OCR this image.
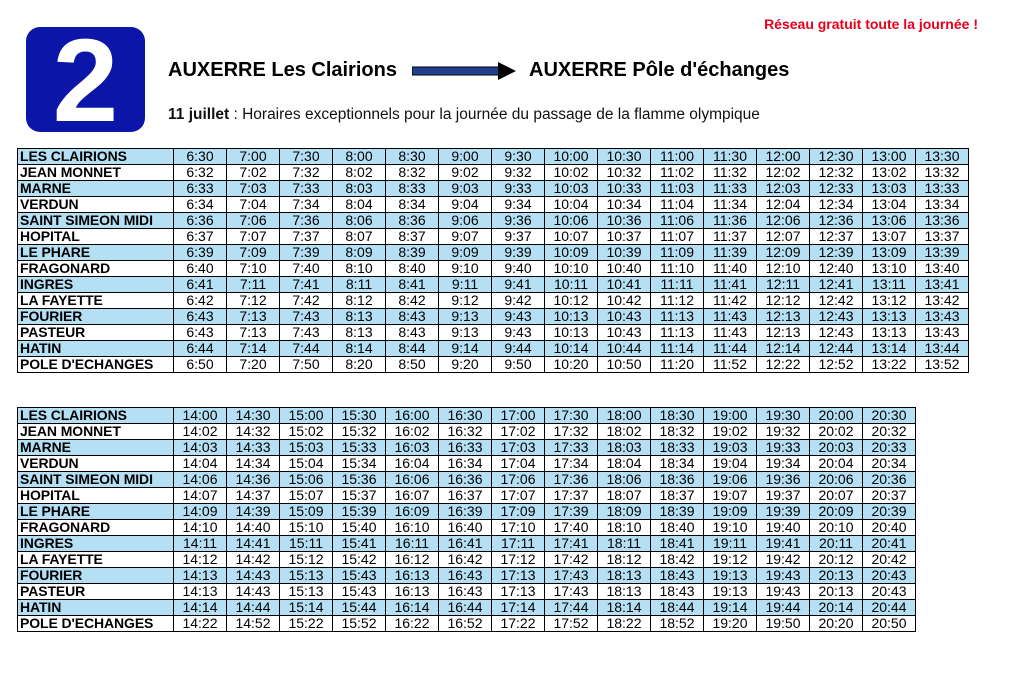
Réseau gratuit toute la journée !
2 AUXERRE Les Clairions	AUXERRE Pôle d'échanges
11 juillet : Horaires exceptionnels pour la journée du passage de la flamme olympique
LES CLAIRIONS	6:30	7:00	7:30	8:00	8:30	9:00	9:30	10:00	10:30	11:00	11:30	12:00	12:30	13:00	13:30
JEAN MONNET	6:32	7:02	7:32	8:02	8:32	9:02	9:32	10:02	10:32	11:02	11:32	12:02	12:32	13:02	13:32
MARNE	6:33	7:03	7:33	8:03	8:33	9:03	9:33	10:03	10:33	11:03	11:33	12:03	12:33	13:03	13:33
VERDUN	6:34	7:04	7:34	8:04	8:34	9:04	9:34	10:04	10:34	11:04	11:34	12:04	12:34	13:04	13:34
SAINT SIMEON MIDI	6:36	7:06	7:36	8:06	8:36	9:06	9:36	10:06	10:36	11:06	11:36	12:06	12:36	13:06	13:36
HOPITAL	6:37	7:07	7:37	8:07	8:37	9:07	9:37	10:07	10:37	11:07	11:37	12:07	12:37	13:07	13:37
LE PHARE	6:39	7:09	7:39	8:09	8:39	9:09	9:39	10:09	10:39	11:09	11:39	12:09	12:39	13:09	13:39
FRAGONARD	6:40	7:10	7:40	8:10	8:40	9:10	9:40	10:10	10:40	11:10	11:40	12:10	12:40	13:10	13:40
INGRES	6:41	7:11	7:41	8:11	8:41	9:11	9:41	10:11	10:41	11:11	11:41	12:11	12:41	13:11	13:41
LA FAYETTE	6:42	7:12	7:42	8:12	8:42	9:12	9:42	10:12	10:42	11:12	11:42	12:12	12:42	13:12	13:42
FOURIER	6:43	7:13	7:43	8:13	8:43	9:13	9:43	10:13	10:43	11:13	11:43	12:13	12:43	13:13	13:43
PASTEUR	6:43	7:13	7:43	8:13	8:43	9:13	9:43	10:13	10:43	11:13	11:43	12:13	12:43	13:13	13:43
HATIN	6:44	7:14	7:44	8:14	8:44	9:14	9:44	10:14	10:44	11:14	11:44	12:14	12:44	13:14	13:44
POLE D'ECHANGES	6:50	7:20	7:50	8:20	8:50	9:20	9:50	10:20	10:50	11:20	11:52	12:22	12:52	13:22	13:52
LES CLAIRIONS	14:00	14:30	15:00	15:30	16:00	16:30	17:00	17:30	18:00	18:30	19:00	19:30	20:00	20:30
JEAN MONNET	14:02	14:32	15:02	15:32	16:02	16:32	17:02	17:32	18:02	18:32	19:02	19:32	20:02	20:32
MARNE	14:03	14:33	15:03	15:33	16:03	16:33	17:03	17:33	18:03	18:33	19:03	19:33	20:03	20:33
VERDUN	14:04	14:34	15:04	15:34	16:04	16:34	17:04	17:34	18:04	18:34	19:04	19:34	20:04	20:34
SAINT SIMEON MIDI	14:06	14:36	15:06	15:36	16:06	16:36	17:06	17:36	18:06	18:36	19:06	19:36	20:06	20:36
HOPITAL	14:07	14:37	15:07	15:37	16:07	16:37	17:07	17:37	18:07	18:37	19:07	19:37	20:07	20:37
LE PHARE	14:09	14:39	15:09	15:39	16:09	16:39	17:09	17:39	18:09	18:39	19:09	19:39	20:09	20:39
FRAGONARD	14:10	14:40	15:10	15:40	16:10	16:40	17:10	17:40	18:10	18:40	19:10	19:40	20:10	20:40
INGRES	14:11	14:41	15:11	15:41	16:11	16:41	17:11	17:41	18:11	18:41	19:11	19:41	20:11	20:41
LA FAYETTE	14:12	14:42	15:12	15:42	16:12	16:42	17:12	17:42	18:12	18:42	19:12	19:42	20:12	20:42
FOURIER	14:13	14:43	15:13	15:43	16:13	16:43	17:13	17:43	18:13	18:43	19:13	19:43	20:13	20:43
PASTEUR	14:13	14:43	15:13	15:43	16:13	16:43	17:13	17:43	18:13	18:43	19:13	19:43	20:13	20:43
HATIN	14:14	14:44	15:14	15:44	16:14	16:44	17:14	17:44	18:14	18:44	19:14	19:44	20:14	20:44
POLE D'ECHANGES	14:22	14:52	15:22	15:52	16:22	16:52	17:22	17:52	18:22	18:52	19:20	19:50	20:20	20:50
